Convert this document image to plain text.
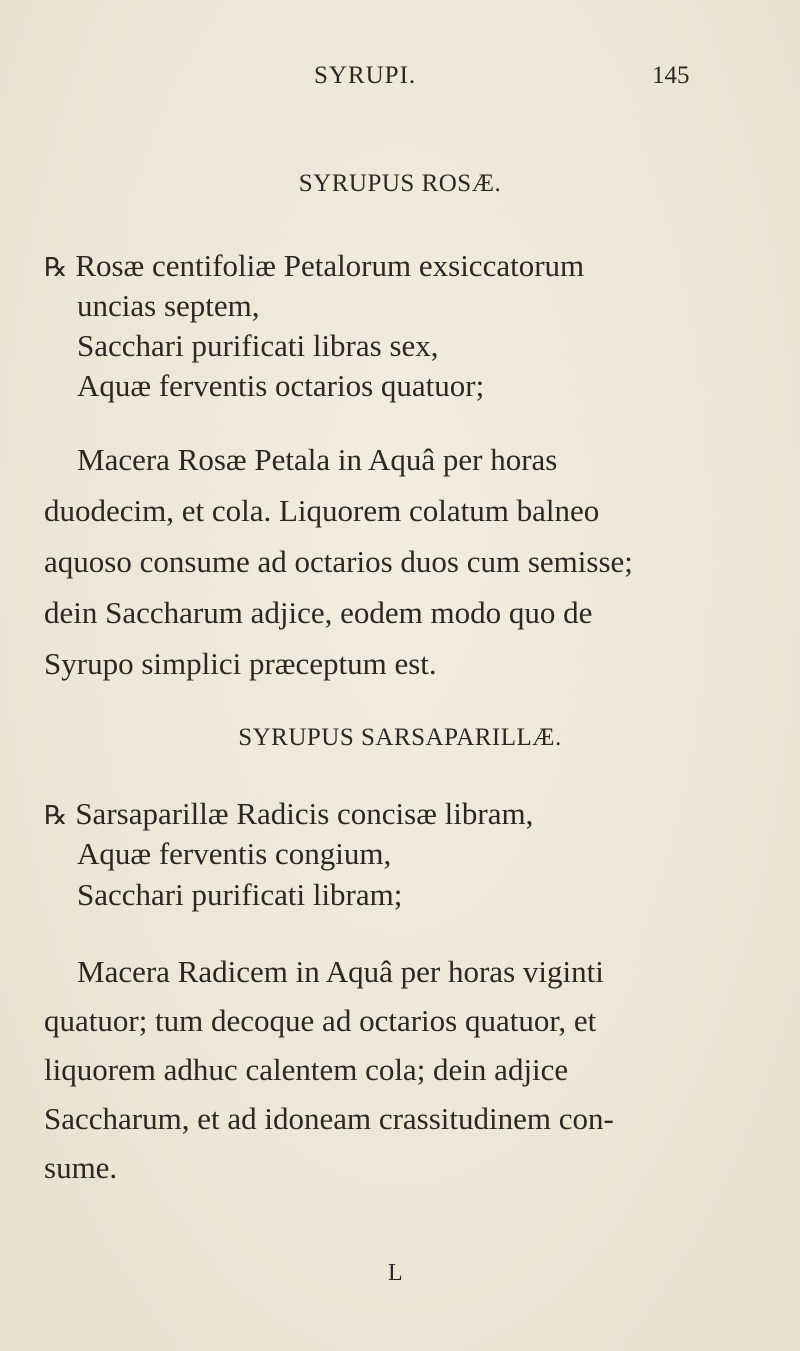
SYRUPI.	145
SYRUPUS ROSÆ.
℞ Rosæ centifoliæ Petalorum exsiccatorum
uncias septem,
Sacchari purificati libras sex,
Aquæ ferventis octarios quatuor;
Macera Rosæ Petala in Aquâ per horas
duodecim, et cola. Liquorem colatum balneo
aquoso consume ad octarios duos cum semisse;
dein Saccharum adjice, eodem modo quo de
Syrupo simplici præceptum est.
SYRUPUS SARSAPARILLÆ.
℞ Sarsaparillæ Radicis concisæ libram,
Aquæ ferventis congium,
Sacchari purificati libram;
Macera Radicem in Aquâ per horas viginti
quatuor; tum decoque ad octarios quatuor, et
liquorem adhuc calentem cola; dein adjice
Saccharum, et ad idoneam crassitudinem con-
sume.
L
